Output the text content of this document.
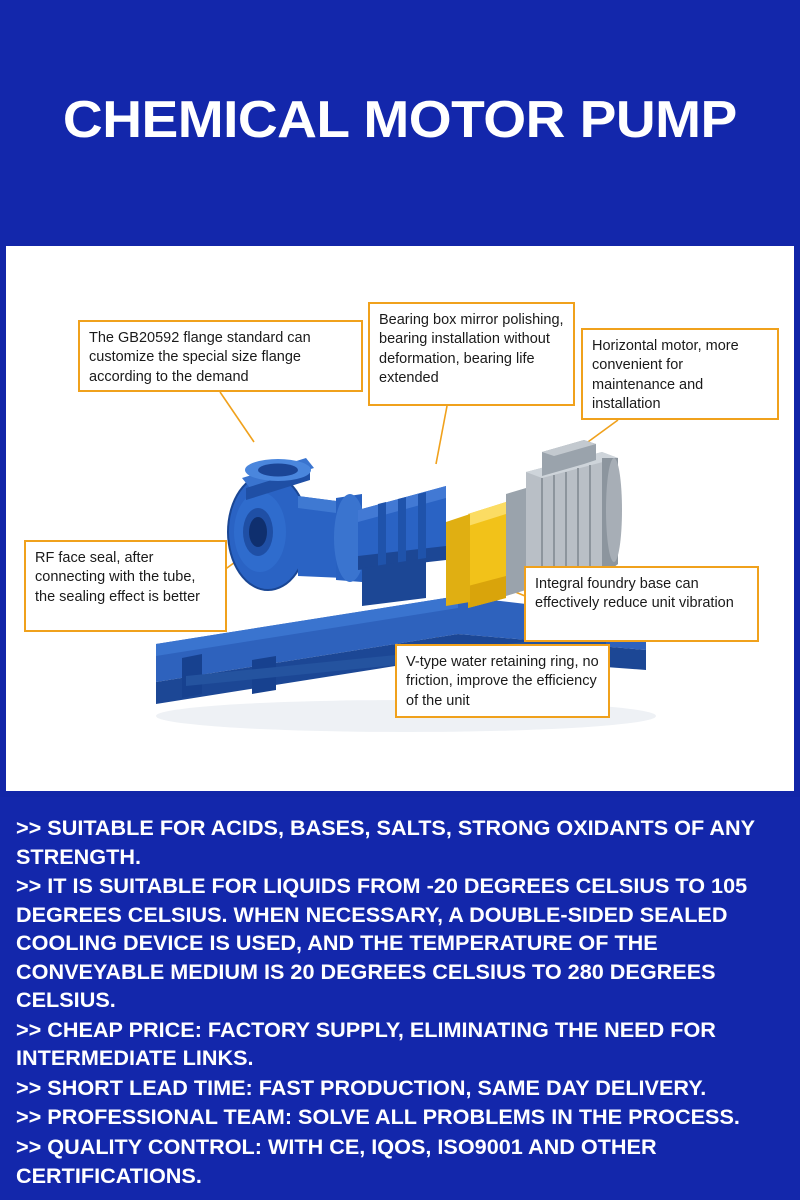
CHEMICAL MOTOR PUMP
The GB20592 flange standard can customize the special size flange according to the demand
Bearing box mirror polishing, bearing installation without deformation, bearing life extended
Horizontal motor, more convenient for maintenance and installation
RF face seal, after connecting with the tube, the sealing effect is better
Integral foundry base can effectively reduce unit vibration
V-type water retaining ring, no friction, improve the efficiency of the unit

>> SUITABLE FOR ACIDS, BASES, SALTS, STRONG OXIDANTS OF ANY STRENGTH.

>> IT IS SUITABLE FOR LIQUIDS FROM -20 DEGREES CELSIUS TO 105 DEGREES CELSIUS. WHEN NECESSARY, A DOUBLE-SIDED SEALED COOLING DEVICE IS USED, AND THE TEMPERATURE OF THE CONVEYABLE MEDIUM IS 20 DEGREES CELSIUS TO 280 DEGREES CELSIUS.

>> CHEAP PRICE: FACTORY SUPPLY, ELIMINATING THE NEED FOR INTERMEDIATE LINKS.

>> SHORT LEAD TIME: FAST PRODUCTION, SAME DAY DELIVERY.

>> PROFESSIONAL TEAM: SOLVE ALL PROBLEMS IN THE PROCESS.

>> QUALITY CONTROL: WITH CE, IQOS, ISO9001 AND OTHER CERTIFICATIONS.
